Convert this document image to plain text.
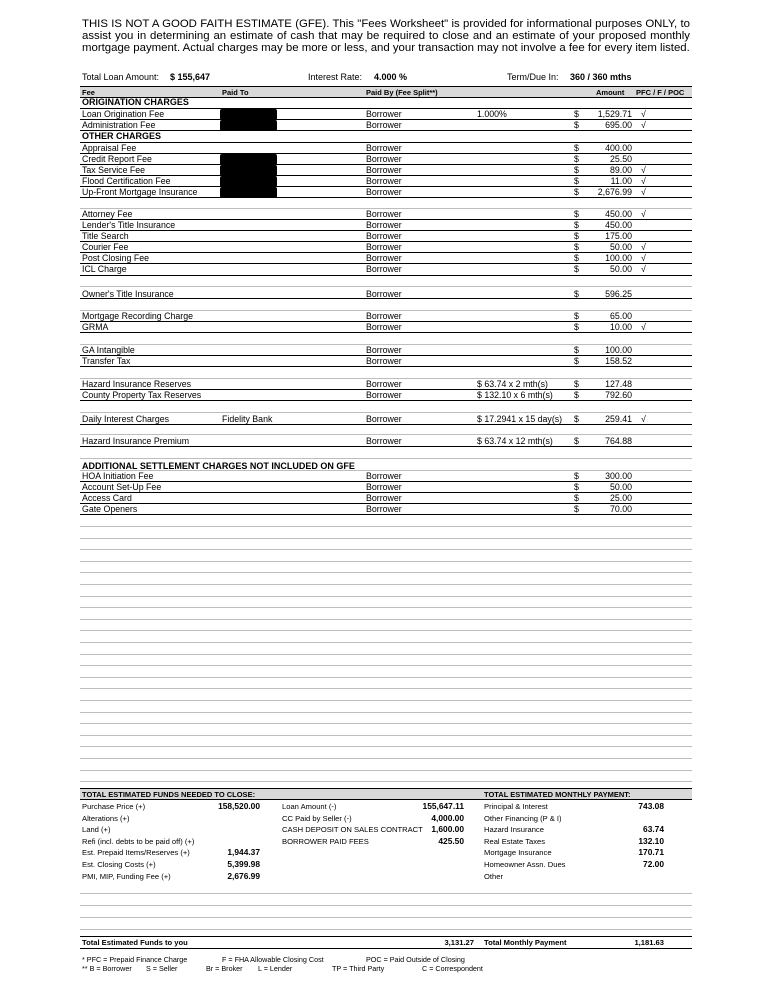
THIS IS NOT A GOOD FAITH ESTIMATE (GFE). This "Fees Worksheet" is provided for informational purposes ONLY, to assist you in determining an estimate of cash that may be required to close and an estimate of your proposed monthly mortgage payment. Actual charges may be more or less, and your transaction may not involve a fee for every item listed.
Total Loan Amount: $ 155,647	Interest Rate: 4.000 %	Term/Due In: 360 / 360 mths
Fee	Paid To	Paid By (Fee Split**)	Amount PFC / F / POC
ORIGINATION CHARGES
OTHER CHARGES
ADDITIONAL SETTLEMENT CHARGES NOT INCLUDED ON GFE
Loan Origination Fee	Borrower	1.000%	$	1,529.71 √
Administration Fee	Borrower	$	695.00 √
Appraisal Fee	Borrower	$	400.00
Credit Report Fee	Borrower	$	25.50
Tax Service Fee	Borrower	$	89.00 √
Flood Certification Fee	Borrower	$	11.00 √
Up-Front Mortgage Insurance	Borrower	$	2,676.99 √
Attorney Fee	Borrower	$	450.00 √
Lender's Title Insurance	Borrower	$	450.00
Title Search	Borrower	$	175.00
Courier Fee	Borrower	$	50.00 √
Post Closing Fee	Borrower	$	100.00 √
ICL Charge	Borrower	$	50.00 √
Owner's Title Insurance	Borrower	$	596.25
Mortgage Recording Charge	Borrower	$	65.00
GRMA	Borrower	$	10.00 √
GA Intangible	Borrower	$	100.00
Transfer Tax	Borrower	$	158.52
Hazard Insurance Reserves	Borrower	$ 63.74 x 2 mth(s)	$	127.48
County Property Tax Reserves	Borrower	$ 132.10 x 6 mth(s) $	792.60
Daily Interest Charges	Fidelity Bank	Borrower	$ 17.2941 x 15 day(s) $	259.41 √
Hazard Insurance Premium	Borrower	$ 63.74 x 12 mth(s) $	764.88
HOA Initiation Fee	Borrower	$	300.00
Account Set-Up Fee	Borrower	$	50.00
Access Card	Borrower	$	25.00
Gate Openers	Borrower	$	70.00
TOTAL ESTIMATED FUNDS NEEDED TO CLOSE:	TOTAL ESTIMATED MONTHLY PAYMENT:
Purchase Price (+)	158,520.00
Alterations (+)
Land (+)
Refi (incl. debts to be paid off) (+)
Est. Prepaid Items/Reserves (+)	1,944.37
Est. Closing Costs (+)	5,399.98
PMI, MIP, Funding Fee (+)	2,676.99
Loan Amount (-)	155,647.11
CC Paid by Seller (-)	4,000.00
CASH DEPOSIT ON SALES CONTRACT	1,600.00
BORROWER PAID FEES	425.50
Principal & Interest	743.08
Other Financing (P & I)
Hazard Insurance	63.74
Real Estate Taxes	132.10
Mortgage Insurance	170.71
Homeowner Assn. Dues	72.00
Other
Total Estimated Funds to you	3,131.27 Total Monthly Payment	1,181.63
* PFC = Prepaid Finance Charge	F = FHA Allowable Closing Cost	POC = Paid Outside of Closing
** B = Borrower S = Seller	Br = Broker L = Lender	TP = Third Party	C = Correspondent
